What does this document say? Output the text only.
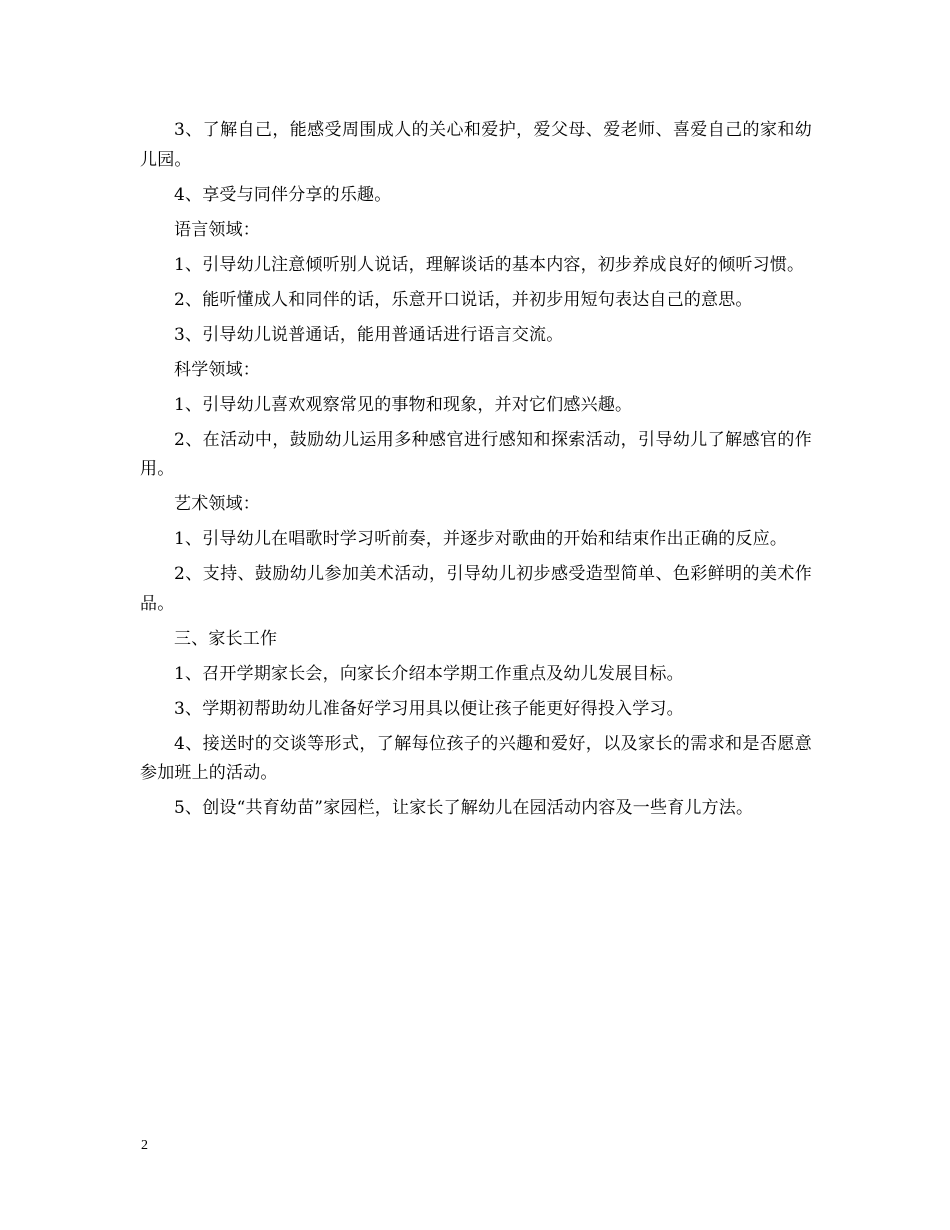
3、了解自己，能感受周围成人的关心和爱护，爱父母、爱老师、喜爱自己的家和幼儿园。

4、享受与同伴分享的乐趣。

语言领域：

1、引导幼儿注意倾听别人说话，理解谈话的基本内容，初步养成良好的倾听习惯。

2、能听懂成人和同伴的话，乐意开口说话，并初步用短句表达自己的意思。

3、引导幼儿说普通话，能用普通话进行语言交流。

科学领域：

1、引导幼儿喜欢观察常见的事物和现象，并对它们感兴趣。

2、在活动中，鼓励幼儿运用多种感官进行感知和探索活动，引导幼儿了解感官的作用。

艺术领域：

1、引导幼儿在唱歌时学习听前奏，并逐步对歌曲的开始和结束作出正确的反应。

2、支持、鼓励幼儿参加美术活动，引导幼儿初步感受造型简单、色彩鲜明的美术作品。

三、家长工作

1、召开学期家长会，向家长介绍本学期工作重点及幼儿发展目标。

3、学期初帮助幼儿准备好学习用具以便让孩子能更好得投入学习。

4、接送时的交谈等形式，了解每位孩子的兴趣和爱好，以及家长的需求和是否愿意参加班上的活动。

5、创设“共育幼苗”家园栏，让家长了解幼儿在园活动内容及一些育儿方法。

2
